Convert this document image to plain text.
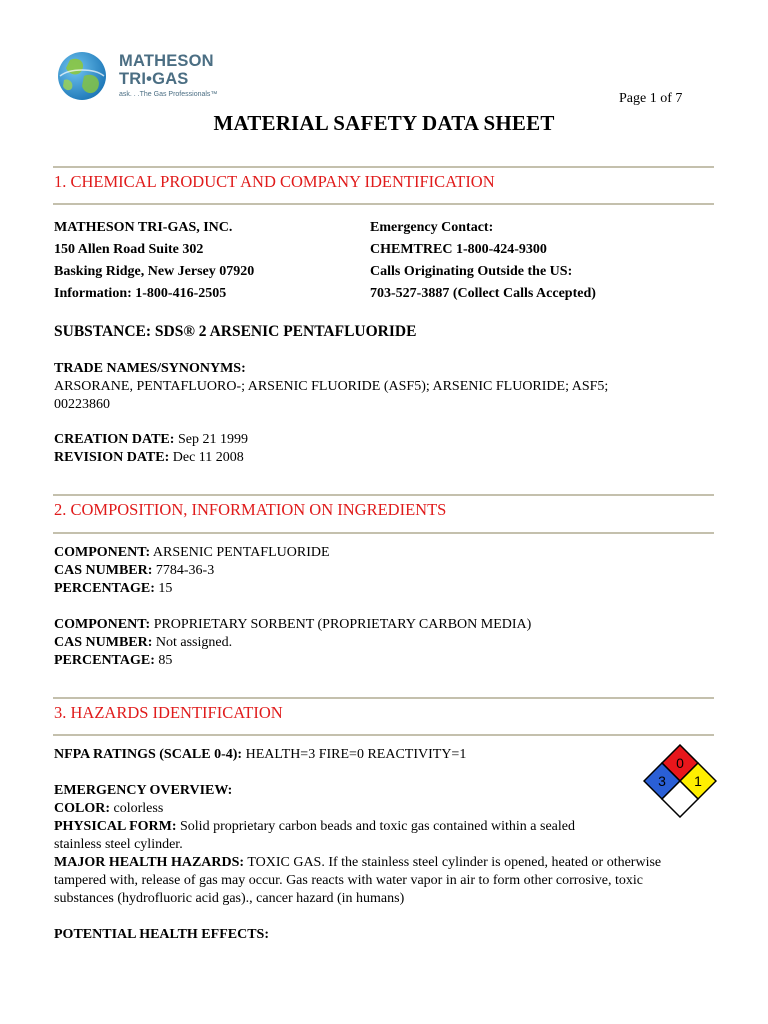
MATHESON
TRI•GAS
ask. . .The Gas Professionals™	Page 1 of 7
MATERIAL SAFETY DATA SHEET
1. CHEMICAL PRODUCT AND COMPANY IDENTIFICATION
MATHESON TRI-GAS, INC.
150 Allen Road Suite 302
Basking Ridge, New Jersey 07920
Information: 1-800-416-2505
Emergency Contact:
CHEMTREC 1-800-424-9300
Calls Originating Outside the US:
703-527-3887 (Collect Calls Accepted)
SUBSTANCE: SDS® 2 ARSENIC PENTAFLUORIDE
TRADE NAMES/SYNONYMS:
ARSORANE, PENTAFLUORO-; ARSENIC FLUORIDE (ASF5); ARSENIC FLUORIDE; ASF5;
00223860
CREATION DATE: Sep 21 1999
REVISION DATE: Dec 11 2008
2. COMPOSITION, INFORMATION ON INGREDIENTS
COMPONENT: ARSENIC PENTAFLUORIDE
CAS NUMBER: 7784-36-3
PERCENTAGE: 15
COMPONENT: PROPRIETARY SORBENT (PROPRIETARY CARBON MEDIA)
CAS NUMBER: Not assigned.
PERCENTAGE: 85
3. HAZARDS IDENTIFICATION
NFPA RATINGS (SCALE 0-4): HEALTH=3 FIRE=0 REACTIVITY=1
0
3 1
EMERGENCY OVERVIEW:
COLOR: colorless
PHYSICAL FORM: Solid proprietary carbon beads and toxic gas contained within a sealed
stainless steel cylinder.
MAJOR HEALTH HAZARDS: TOXIC GAS. If the stainless steel cylinder is opened, heated or otherwise
tampered with, release of gas may occur. Gas reacts with water vapor in air to form other corrosive, toxic
substances (hydrofluoric acid gas)., cancer hazard (in humans)
POTENTIAL HEALTH EFFECTS:
